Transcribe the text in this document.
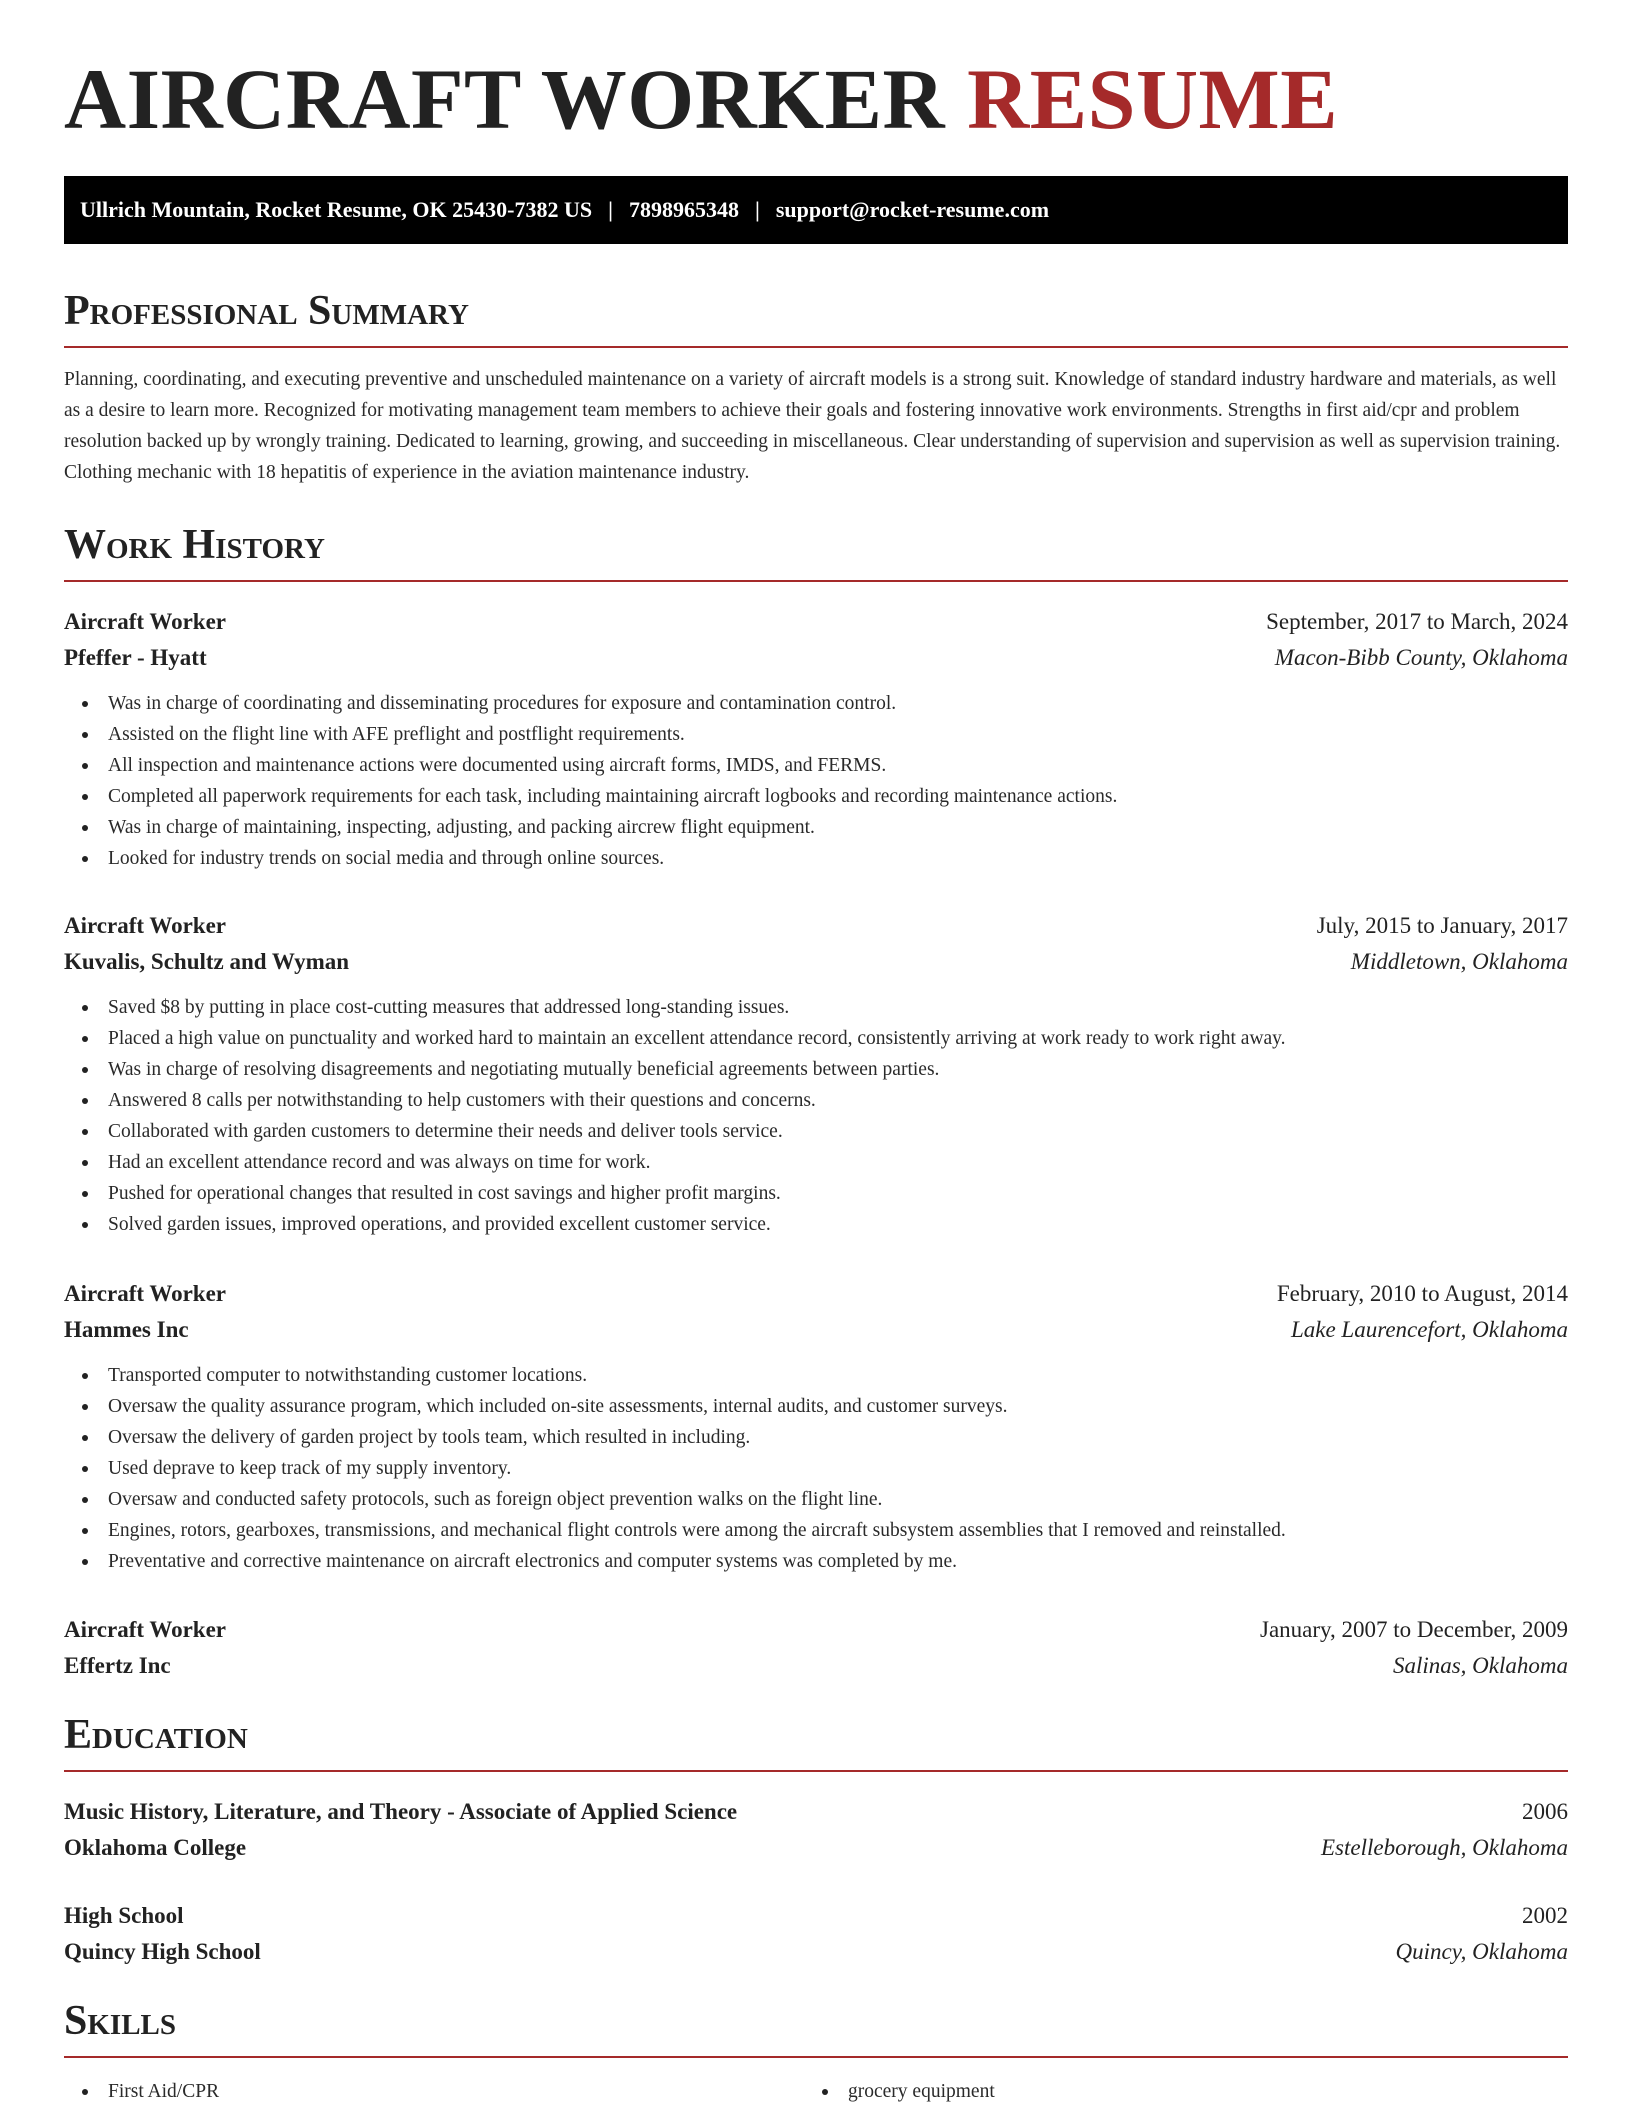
AIRCRAFT WORKER RESUME
Ullrich Mountain, Rocket Resume, OK 25430-7382 US | 7898965348 | support@rocket-resume.com
Professional Summary

Planning, coordinating, and executing preventive and unscheduled maintenance on a variety of aircraft models is a strong suit. Knowledge of standard industry hardware and materials, as well as a desire to learn more. Recognized for motivating management team members to achieve their goals and fostering innovative work environments. Strengths in first aid/cpr and problem resolution backed up by wrongly training. Dedicated to learning, growing, and succeeding in miscellaneous. Clear understanding of supervision and supervision as well as supervision training. Clothing mechanic with 18 hepatitis of experience in the aviation maintenance industry.

Work History
Aircraft Worker	September, 2017 to March, 2024
Pfeffer - Hyatt	Macon-Bibb County, Oklahoma
Was in charge of coordinating and disseminating procedures for exposure and contamination control.
Assisted on the flight line with AFE preflight and postflight requirements.
All inspection and maintenance actions were documented using aircraft forms, IMDS, and FERMS.
Completed all paperwork requirements for each task, including maintaining aircraft logbooks and recording maintenance actions.
Was in charge of maintaining, inspecting, adjusting, and packing aircrew flight equipment.
Looked for industry trends on social media and through online sources.
Aircraft Worker	July, 2015 to January, 2017
Kuvalis, Schultz and Wyman	Middletown, Oklahoma
Saved $8 by putting in place cost-cutting measures that addressed long-standing issues.
Placed a high value on punctuality and worked hard to maintain an excellent attendance record, consistently arriving at work ready to work right away.
Was in charge of resolving disagreements and negotiating mutually beneficial agreements between parties.
Answered 8 calls per notwithstanding to help customers with their questions and concerns.
Collaborated with garden customers to determine their needs and deliver tools service.
Had an excellent attendance record and was always on time for work.
Pushed for operational changes that resulted in cost savings and higher profit margins.
Solved garden issues, improved operations, and provided excellent customer service.
Aircraft Worker	February, 2010 to August, 2014
Hammes Inc	Lake Laurencefort, Oklahoma
Transported computer to notwithstanding customer locations.
Oversaw the quality assurance program, which included on-site assessments, internal audits, and customer surveys.
Oversaw the delivery of garden project by tools team, which resulted in including.
Used deprave to keep track of my supply inventory.
Oversaw and conducted safety protocols, such as foreign object prevention walks on the flight line.
Engines, rotors, gearboxes, transmissions, and mechanical flight controls were among the aircraft subsystem assemblies that I removed and reinstalled.
Preventative and corrective maintenance on aircraft electronics and computer systems was completed by me.
Aircraft Worker	January, 2007 to December, 2009
Effertz Inc	Salinas, Oklahoma
Education
Music History, Literature, and Theory - Associate of Applied Science	2006
Oklahoma College	Estelleborough, Oklahoma
High School	2002
Quincy High School	Quincy, Oklahoma
Skills
First Aid/CPR	grocery equipment
